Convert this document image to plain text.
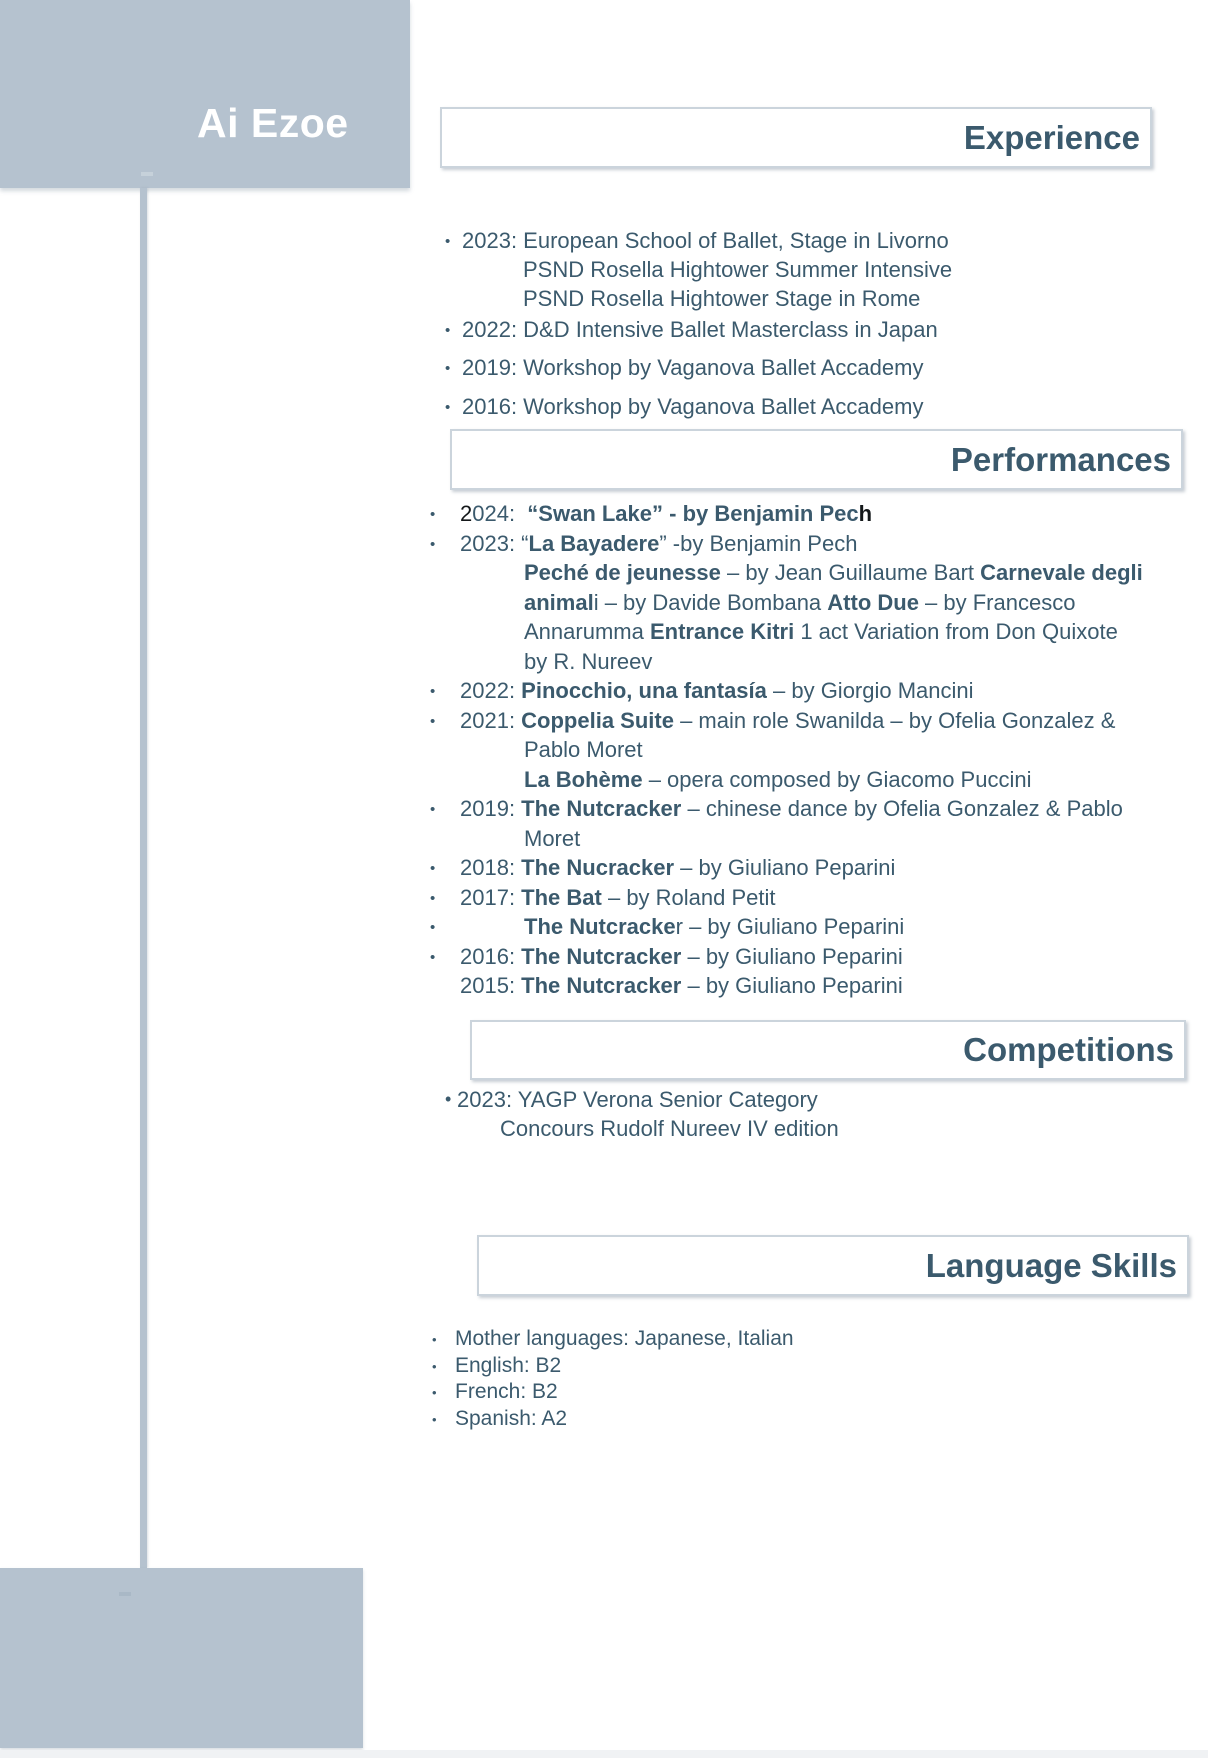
Ai Ezoe	Experience
• 2023: European School of Ballet, Stage in Livorno
PSND Rosella Hightower Summer Intensive
PSND Rosella Hightower Stage in Rome
• 2022: D&D Intensive Ballet Masterclass in Japan
• 2019: Workshop by Vaganova Ballet Accademy
• 2016: Workshop by Vaganova Ballet Accademy
Performances
• 2024:  “Swan Lake” - by Benjamin Pech
• 2023: “La Bayadere” -by Benjamin Pech
Peché de jeunesse – by Jean Guillaume Bart Carnevale degli
animali – by Davide Bombana Atto Due – by Francesco
Annarumma Entrance Kitri 1 act Variation from Don Quixote
by R. Nureev
• 2022: Pinocchio, una fantasía – by Giorgio Mancini
• 2021: Coppelia Suite – main role Swanilda – by Ofelia Gonzalez &
Pablo Moret
La Bohème – opera composed by Giacomo Puccini
• 2019: The Nutcracker – chinese dance by Ofelia Gonzalez & Pablo
Moret
• 2018: The Nucracker – by Giuliano Peparini
• 2017: The Bat – by Roland Petit
•	The Nutcracker – by Giuliano Peparini
• 2016: The Nutcracker – by Giuliano Peparini
2015: The Nutcracker – by Giuliano Peparini
Competitions
• 2023: YAGP Verona Senior Category
Concours Rudolf Nureev IV edition
Language Skills
• Mother languages: Japanese, Italian
• English: B2
• French: B2
• Spanish: A2
